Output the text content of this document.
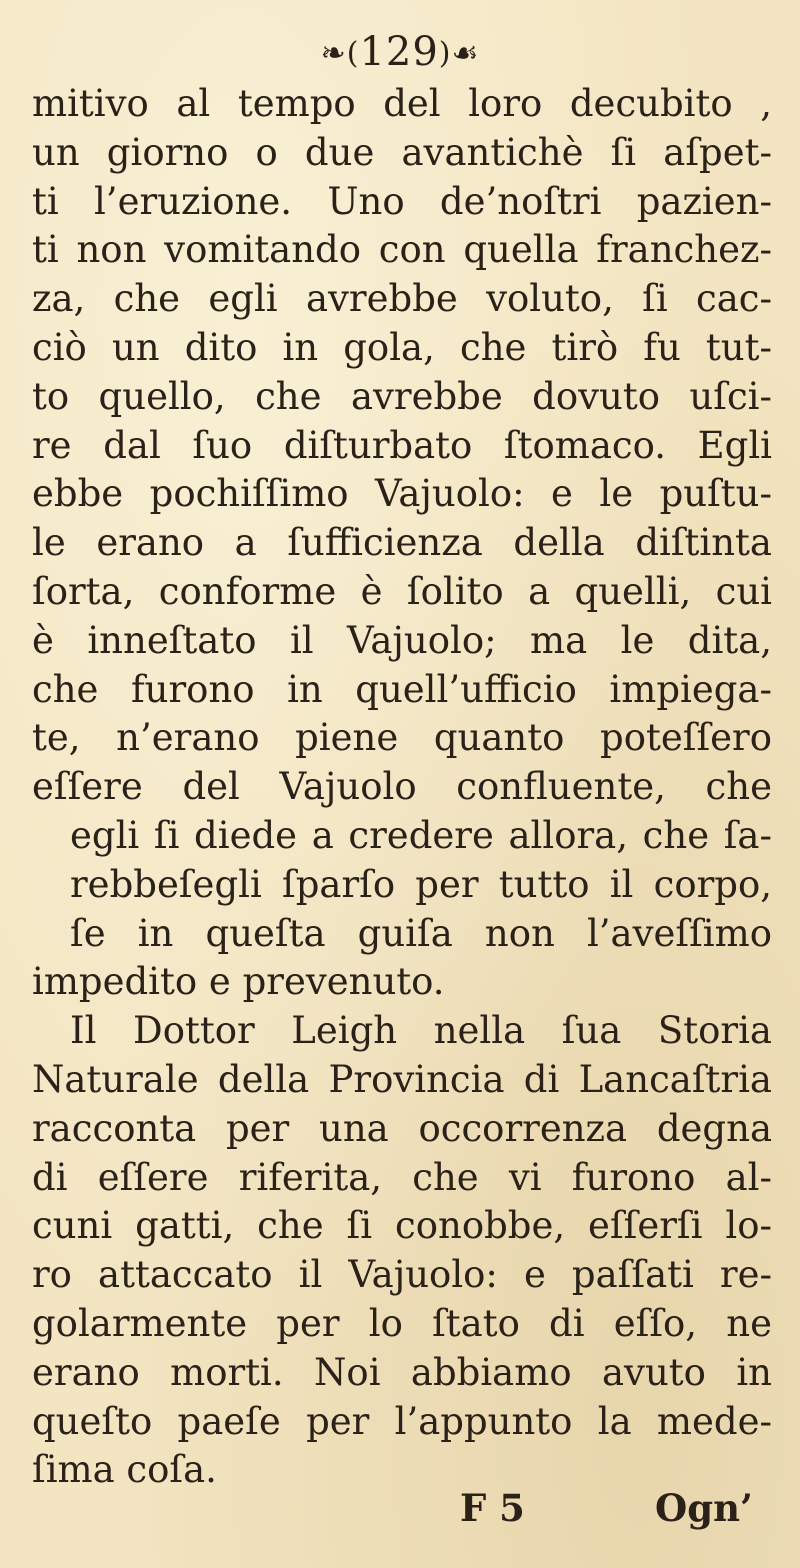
❧(129)☙
mitivo al tempo del loro decubito ,
un giorno o due avantichè ſi aſpet-
ti l’eruzione. Uno de’noſtri pazien-
ti non vomitando con quella franchez-
za, che egli avrebbe voluto, ſi cac-
ciò un dito in gola, che tirò fu tut-
to quello, che avrebbe dovuto uſci-
re dal ſuo diſturbato ſtomaco. Egli
ebbe pochiſſimo Vajuolo: e le puſtu-
le erano a ſufficienza della diſtinta
ſorta, conforme è ſolito a quelli, cui
è inneſtato il Vajuolo; ma le dita,
che furono in quell’ufficio impiega-
te, n’erano piene quanto poteſſero
eſſere del Vajuolo confluente, che
egli ſi diede a credere allora, che ſa-
rebbeſegli ſparſo per tutto il corpo,
ſe in queſta guiſa non l’aveſſimo
impedito e prevenuto.
Il Dottor Leigh nella ſua Storia
Naturale della Provincia di Lancaſtria
racconta per una occorrenza degna
di eſſere riferita, che vi furono al-
cuni gatti, che ſi conobbe, eſſerſi lo-
ro attaccato il Vajuolo: e paſſati re-
golarmente per lo ſtato di eſſo, ne
erano morti. Noi abbiamo avuto in
queſto paeſe per l’appunto la mede-
ſima coſa.
F 5	Ogn’
